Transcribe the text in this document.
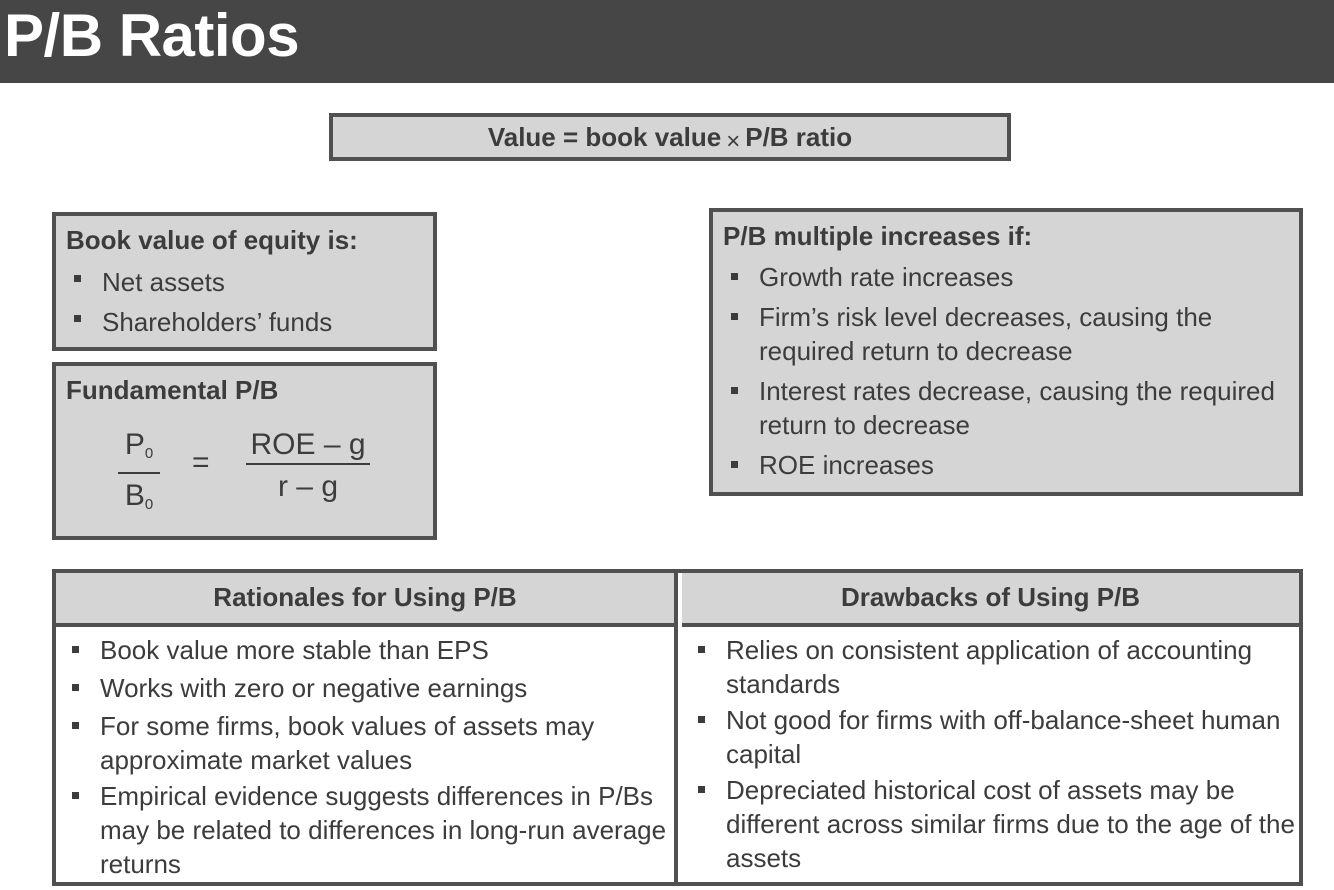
P/B Ratios
Value = book value × P/B ratio
Book value of equity is:
Net assets
Shareholders’ funds
Fundamental P/B
$P_0$
$B_0$
=
ROE – g
r – g
P/B multiple increases if:
Growth rate increases
Firm’s risk level decreases, causing the required return to decrease
Interest rates decrease, causing the required return to decrease
ROE increases
Rationales for Using P/B
Book value more stable than EPS
Works with zero or negative earnings
For some firms, book values of assets may approximate market values
Empirical evidence suggests differences in P/Bs may be related to differences in long-run average returns
Drawbacks of Using P/B
Relies on consistent application of accounting standards
Not good for firms with off-balance-sheet human capital
Depreciated historical cost of assets may be different across similar firms due to the age of the assets
